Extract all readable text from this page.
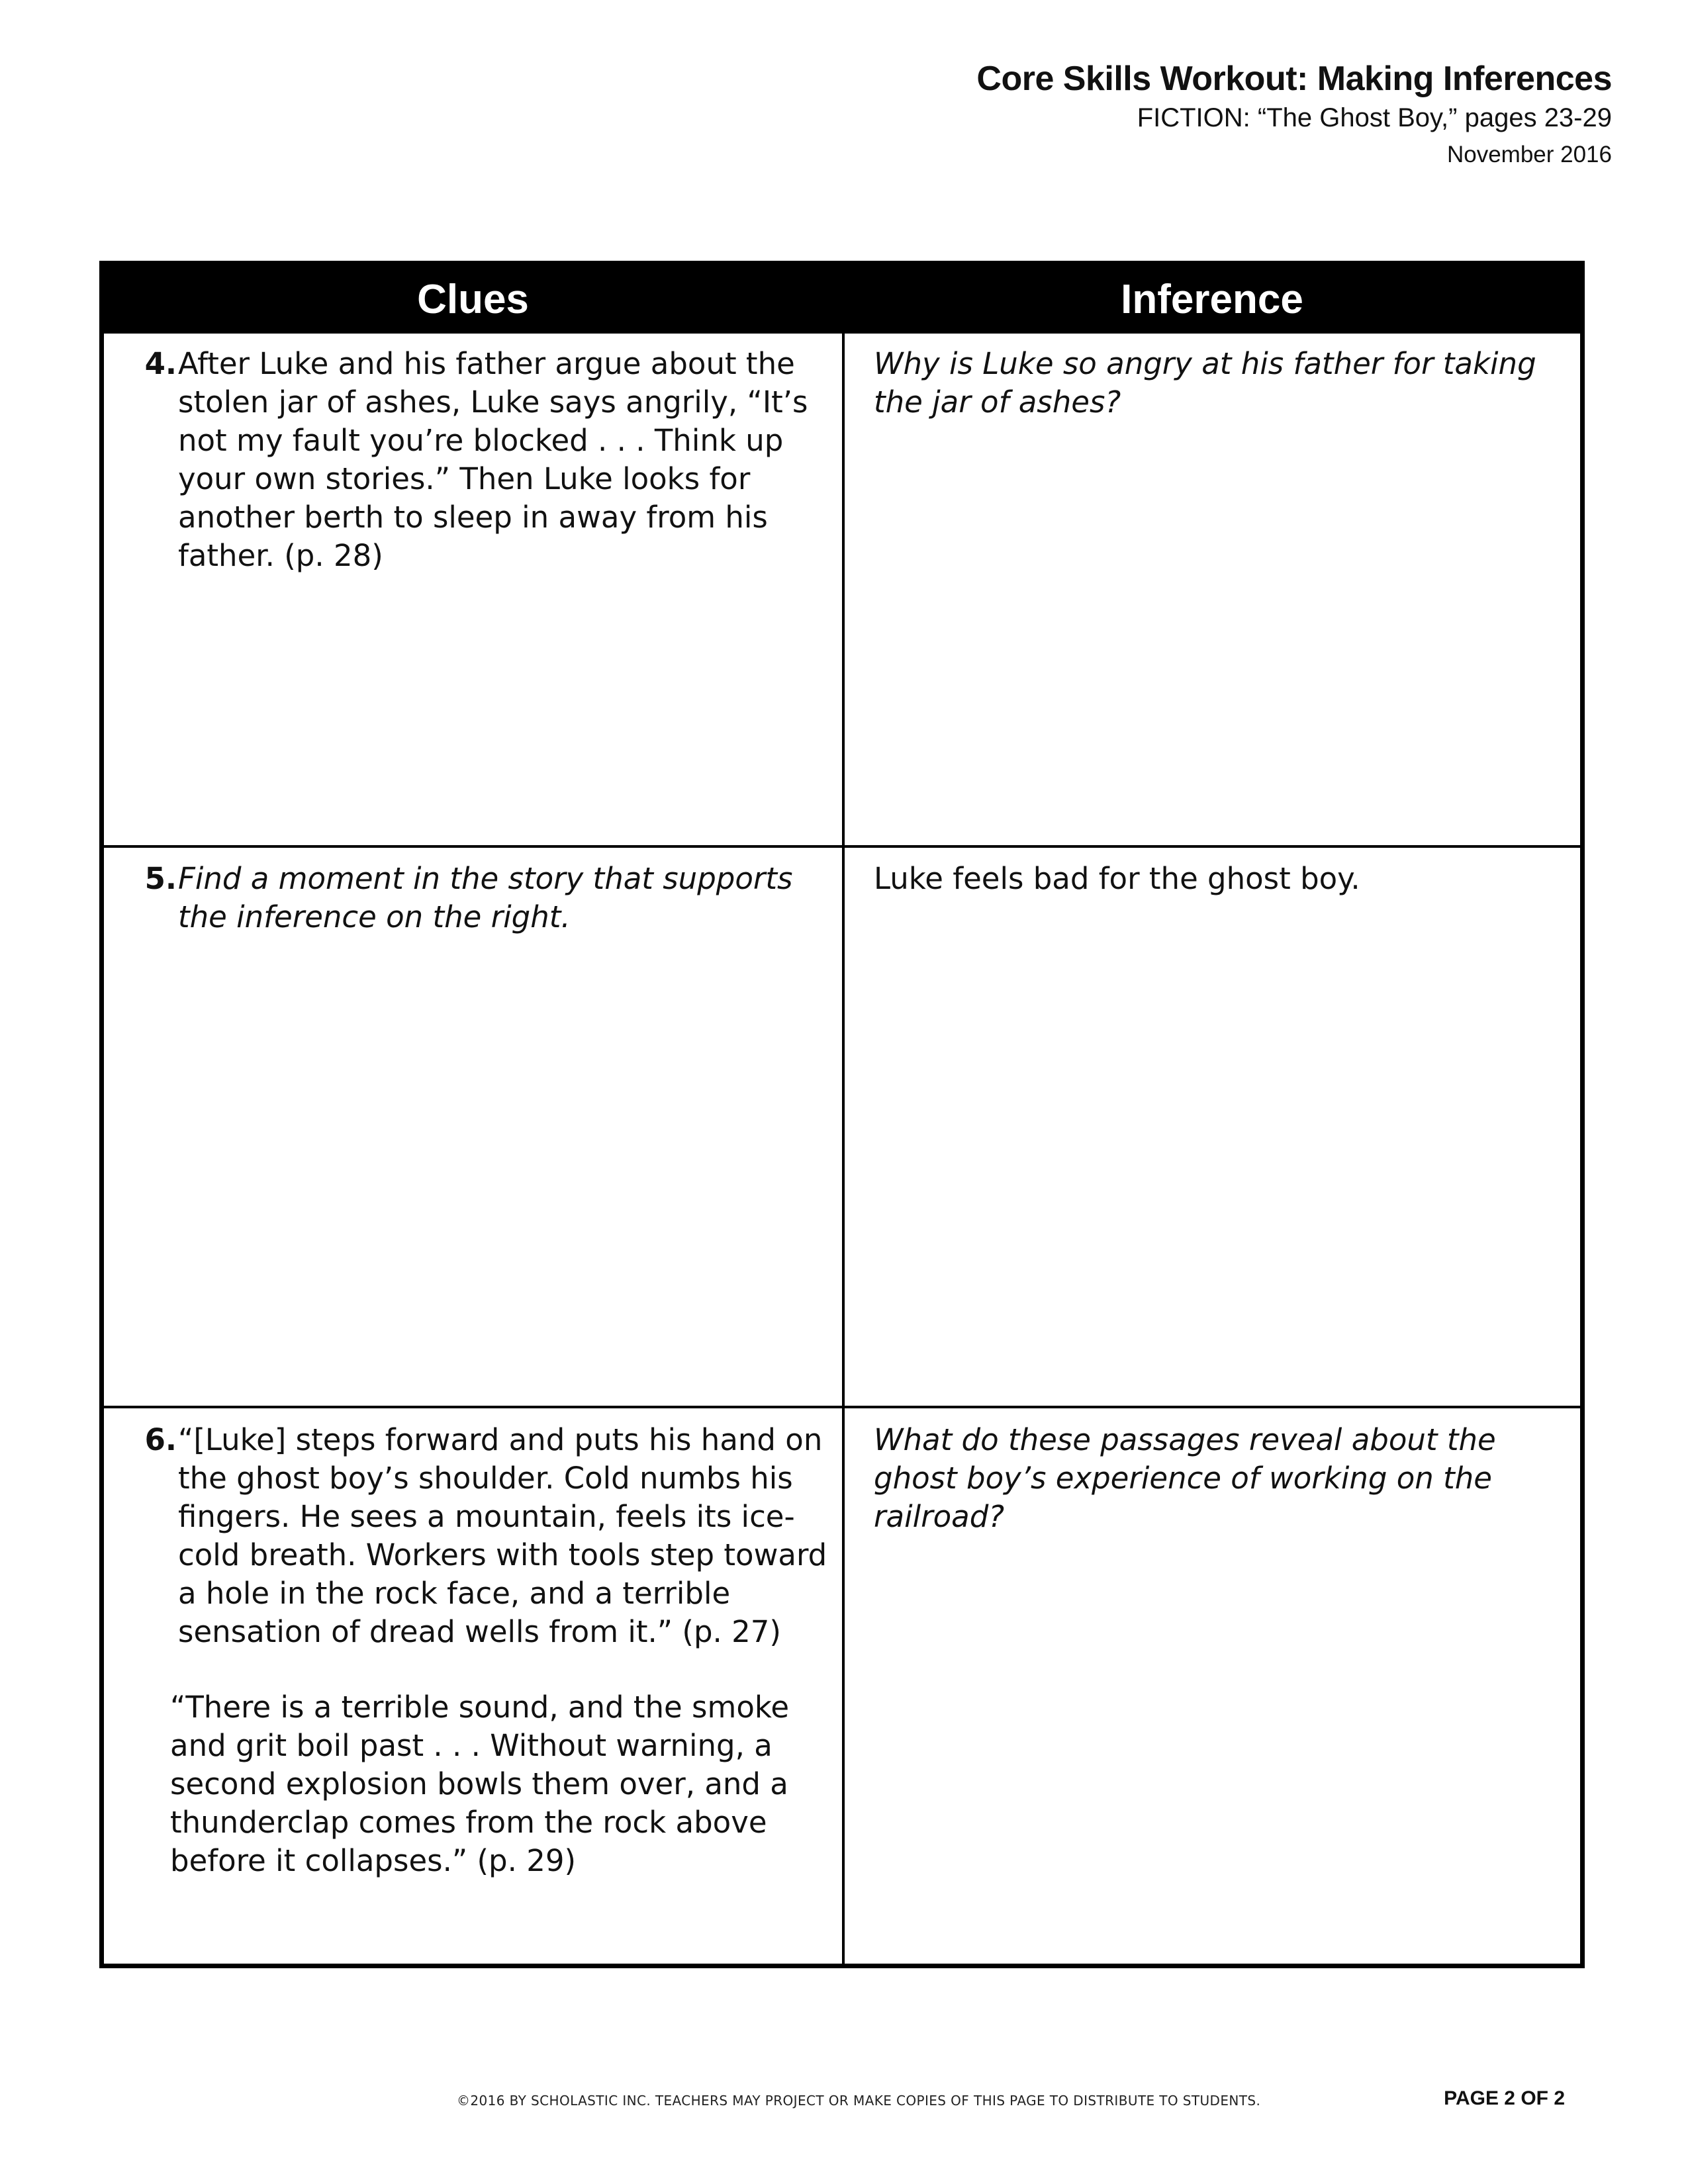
Core Skills Workout: Making Inferences
FICTION: “The Ghost Boy,” pages 23-29
November 2016
Clues	Inference
4. After Luke and his father argue about the stolen jar of ashes, Luke says angrily, “It’s not my fault you’re blocked . . . Think up your own stories.” Then Luke looks for another berth to sleep in away from his father. (p. 28)
Why is Luke so angry at his father for taking the jar of ashes?
5. Find a moment in the story that supports the inference on the right.
Luke feels bad for the ghost boy.
6. “[Luke] steps forward and puts his hand on the ghost boy’s shoulder. Cold numbs his fingers. He sees a mountain, feels its ice-cold breath. Workers with tools step toward a hole in the rock face, and a terrible sensation of dread wells from it.” (p. 27)
“There is a terrible sound, and the smoke and grit boil past . . . Without warning, a second explosion bowls them over, and a thunderclap comes from the rock above before it collapses.” (p. 29)
What do these passages reveal about the ghost boy’s experience of working on the railroad?
©2016 BY SCHOLASTIC INC. TEACHERS MAY PROJECT OR MAKE COPIES OF THIS PAGE TO DISTRIBUTE TO STUDENTS.	PAGE 2 OF 2
